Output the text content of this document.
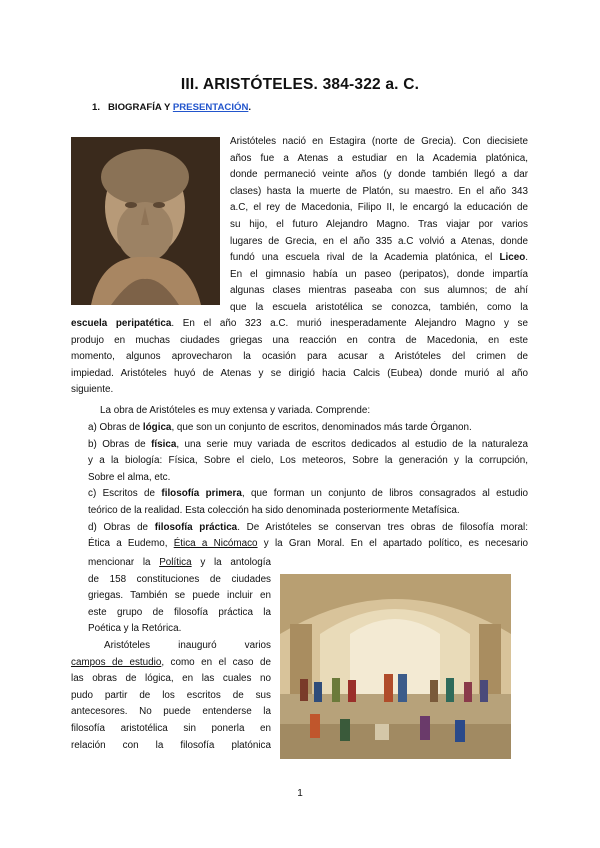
III. ARISTÓTELES. 384-322 a. C.
1. BIOGRAFÍA Y PRESENTACIÓN.
Aristóteles nació en Estagira (norte de Grecia). Con diecisiete
años fue a Atenas a estudiar en la Academia platónica,
donde permaneció veinte años (y donde también llegó a dar
clases) hasta la muerte de Platón, su maestro. En el año 343
a.C, el rey de Macedonia, Filipo II, le encargó la educación de
su hijo, el futuro Alejandro Magno. Tras viajar por varios
lugares de Grecia, en el año 335 a.C volvió a Atenas, donde
fundó una escuela rival de la Academia platónica, el Liceo.
En el gimnasio había un paseo (peripatos), donde impartía
algunas clases mientras paseaba con sus alumnos; de ahí
que la escuela aristotélica se conozca, también, como la
escuela peripatética. En el año 323 a.C. murió inesperadamente Alejandro Magno y se
produjo en muchas ciudades griegas una reacción en contra de Macedonia, en este
momento, algunos aprovecharon la ocasión para acusar a Aristóteles del crimen de
impiedad. Aristóteles huyó de Atenas y se dirigió hacia Calcis (Eubea) donde murió al año
siguiente.
La obra de Aristóteles es muy extensa y variada. Comprende:
a) Obras de lógica, que son un conjunto de escritos, denominados más tarde Órganon.
b) Obras de física, una serie muy variada de escritos dedicados al estudio de la naturaleza
y a la biología: Física, Sobre el cielo, Los meteoros, Sobre la generación y la corrupción,
Sobre el alma, etc.
c) Escritos de filosofía primera, que forman un conjunto de libros consagrados al estudio
teórico de la realidad. Esta colección ha sido denominada posteriormente Metafísica.
d) Obras de filosofía práctica. De Aristóteles se conservan tres obras de filosofía moral:
Ética a Eudemo, Ética a Nicómaco y la Gran Moral. En el apartado político, es necesario
mencionar la Política y la antología
de 158 constituciones de ciudades
griegas. También se puede incluir en
este grupo de filosofía práctica la
Poética y la Retórica.
Aristóteles inauguró varios
campos de estudio, como en el caso de
las obras de lógica, en las cuales no
pudo partir de los escritos de sus
antecesores. No puede entenderse la
filosofía aristotélica sin ponerla en
relación con la filosofía platónica
1
